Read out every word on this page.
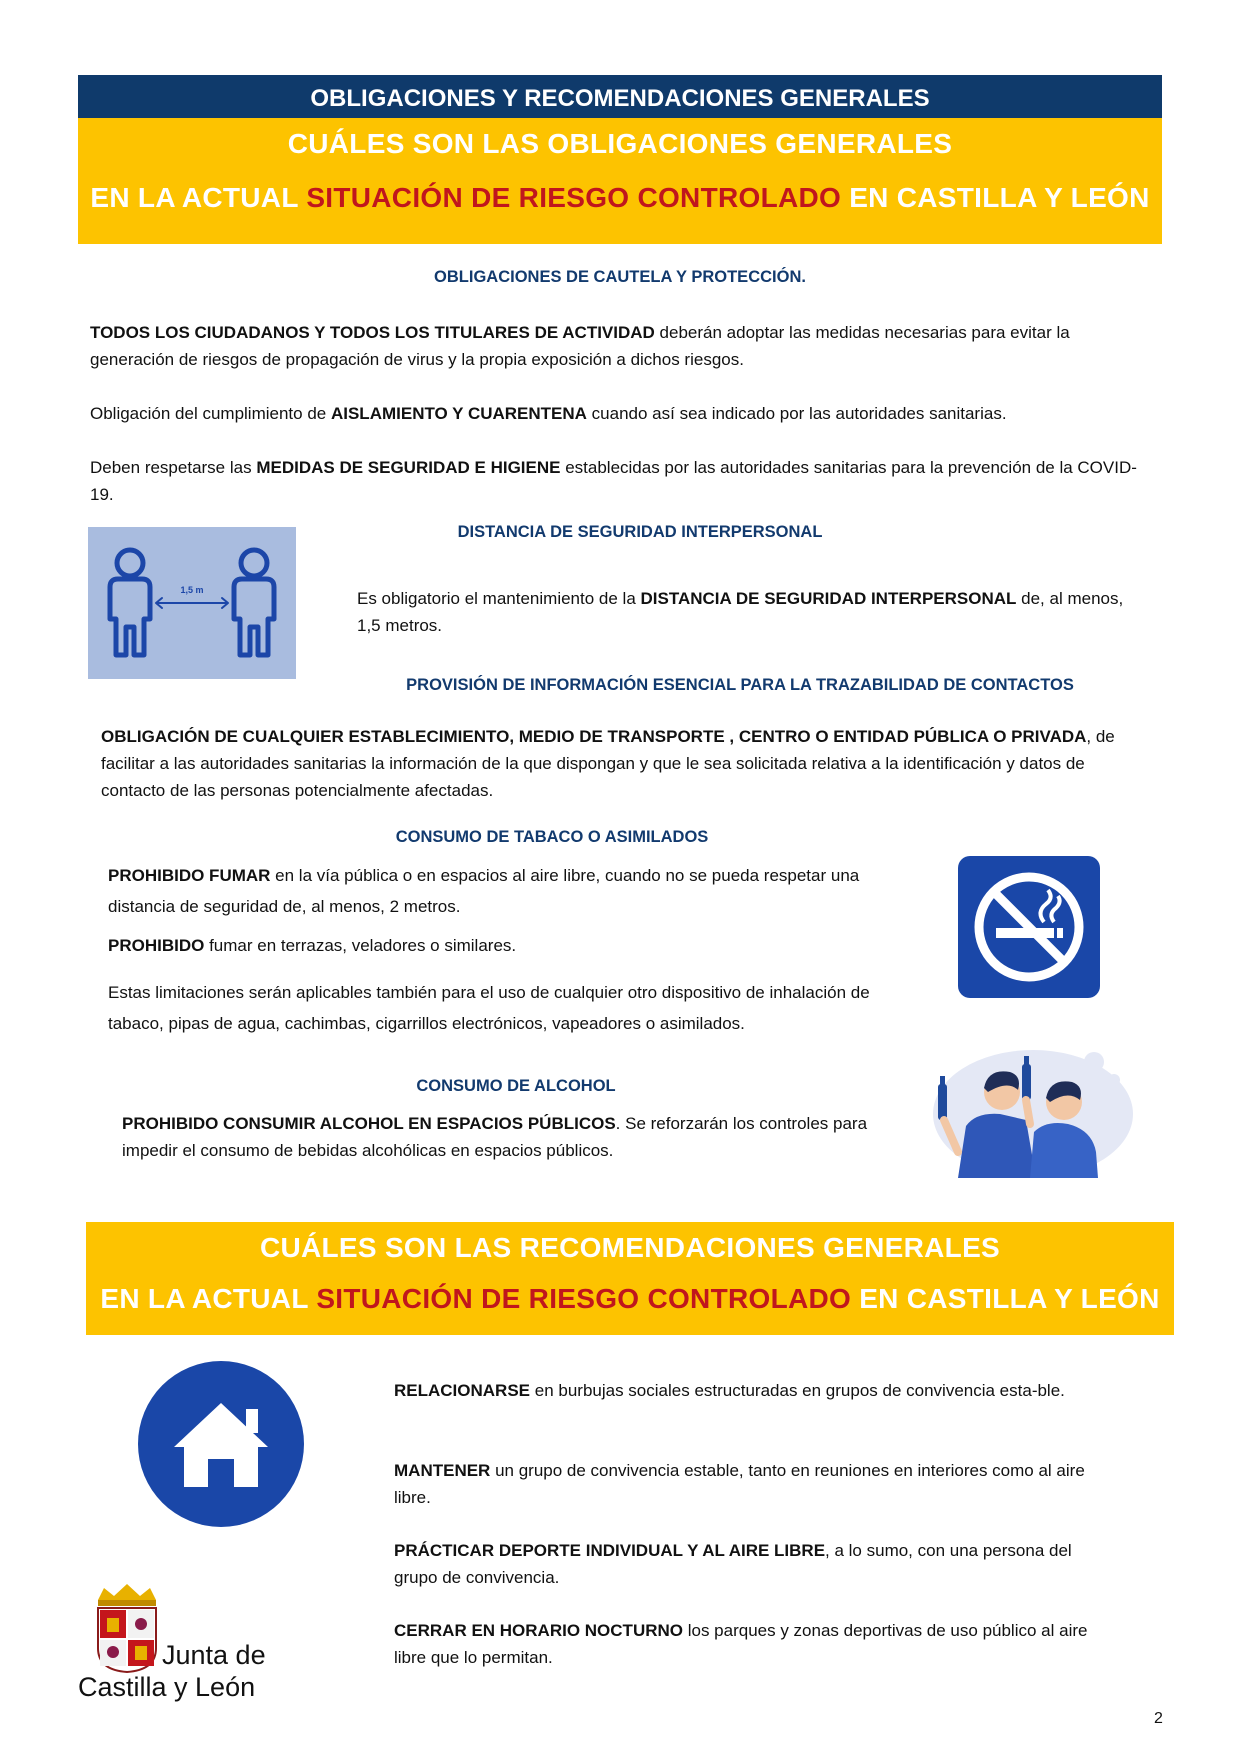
OBLIGACIONES Y RECOMENDACIONES GENERALES
CUÁLES SON LAS OBLIGACIONES GENERALES
EN LA ACTUAL SITUACIÓN DE RIESGO CONTROLADO EN CASTILLA Y LEÓN
OBLIGACIONES DE CAUTELA Y PROTECCIÓN.
TODOS LOS CIUDADANOS Y TODOS LOS TITULARES DE ACTIVIDAD deberán adoptar las medidas necesarias para evitar la generación de riesgos de propagación de virus y la propia exposición a dichos riesgos.
Obligación del cumplimiento de AISLAMIENTO Y CUARENTENA cuando así sea indicado por las autoridades sanitarias.
Deben respetarse las MEDIDAS DE SEGURIDAD E HIGIENE establecidas por las autoridades sanitarias para la prevención de la COVID-19.
DISTANCIA DE SEGURIDAD INTERPERSONAL
1,5 m	Es obligatorio el mantenimiento de la DISTANCIA DE SEGURIDAD INTERPERSONAL de, al menos, 1,5 metros.
PROVISIÓN DE INFORMACIÓN ESENCIAL PARA LA TRAZABILIDAD DE CONTACTOS
OBLIGACIÓN DE CUALQUIER ESTABLECIMIENTO, MEDIO DE TRANSPORTE , CENTRO O ENTIDAD PÚBLICA O PRIVADA, de facilitar a las autoridades sanitarias la información de la que dispongan y que le sea solicitada relativa a la identificación y datos de contacto de las personas potencialmente afectadas.
CONSUMO DE TABACO O ASIMILADOS
PROHIBIDO FUMAR en la vía pública o en espacios al aire libre, cuando no se pueda respetar una distancia de seguridad de, al menos, 2 metros.
PROHIBIDO fumar en terrazas, veladores o similares.
Estas limitaciones serán aplicables también para el uso de cualquier otro dispositivo de inhalación de tabaco, pipas de agua, cachimbas, cigarrillos electrónicos, vapeadores o asimilados.
CONSUMO DE ALCOHOL
PROHIBIDO CONSUMIR ALCOHOL EN ESPACIOS PÚBLICOS. Se reforzarán los controles para impedir el consumo de bebidas alcohólicas en espacios públicos.
CUÁLES SON LAS RECOMENDACIONES GENERALES
EN LA ACTUAL SITUACIÓN DE RIESGO CONTROLADO EN CASTILLA Y LEÓN
RELACIONARSE en burbujas sociales estructuradas en grupos de convivencia esta-ble.
MANTENER un grupo de convivencia estable, tanto en reuniones en interiores como al aire libre.
PRÁCTICAR DEPORTE INDIVIDUAL Y AL AIRE LIBRE, a lo sumo, con una persona del grupo de convivencia.
CERRAR EN HORARIO NOCTURNO los parques y zonas deportivas de uso público al aire libre que lo permitan.
Junta de
Castilla y León
2
